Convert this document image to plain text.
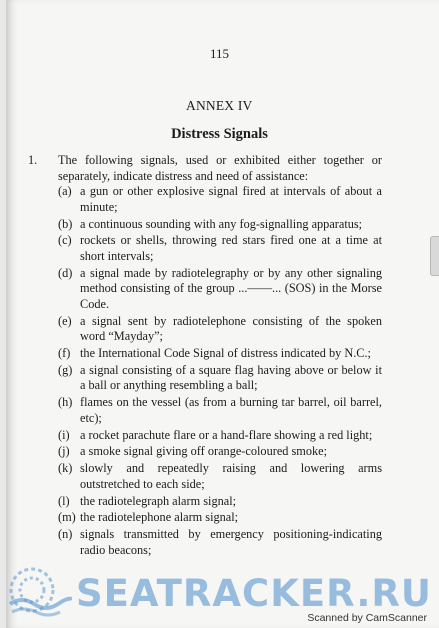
115
ANNEX IV
Distress Signals
1.	The following signals, used or exhibited either together or separately, indicate distress and need of assistance:
(a) a gun or other explosive signal fired at intervals of about a minute;
(b) a continuous sounding with any fog-signalling apparatus;
(c) rockets or shells, throwing red stars fired one at a time at short intervals;
(d) a signal made by radiotelegraphy or by any other signaling method consisting of the group ...——... (SOS) in the Morse Code.
(e) a signal sent by radiotelephone consisting of the spoken word “Mayday”;
(f) the International Code Signal of distress indicated by N.C.;
(g) a signal consisting of a square flag having above or below it a ball or anything resembling a ball;
(h) flames on the vessel (as from a burning tar barrel, oil barrel, etc);
(i) a rocket parachute flare or a hand-flare showing a red light;
(j) a smoke signal giving off orange-coloured smoke;
(k) slowly and repeatedly raising and lowering arms outstretched to each side;
(l) the radiotelegraph alarm signal;
(m) the radiotelephone alarm signal;
(n) signals transmitted by emergency positioning-indicating radio beacons;
SEATRACKER.RU
Scanned by CamScanner
